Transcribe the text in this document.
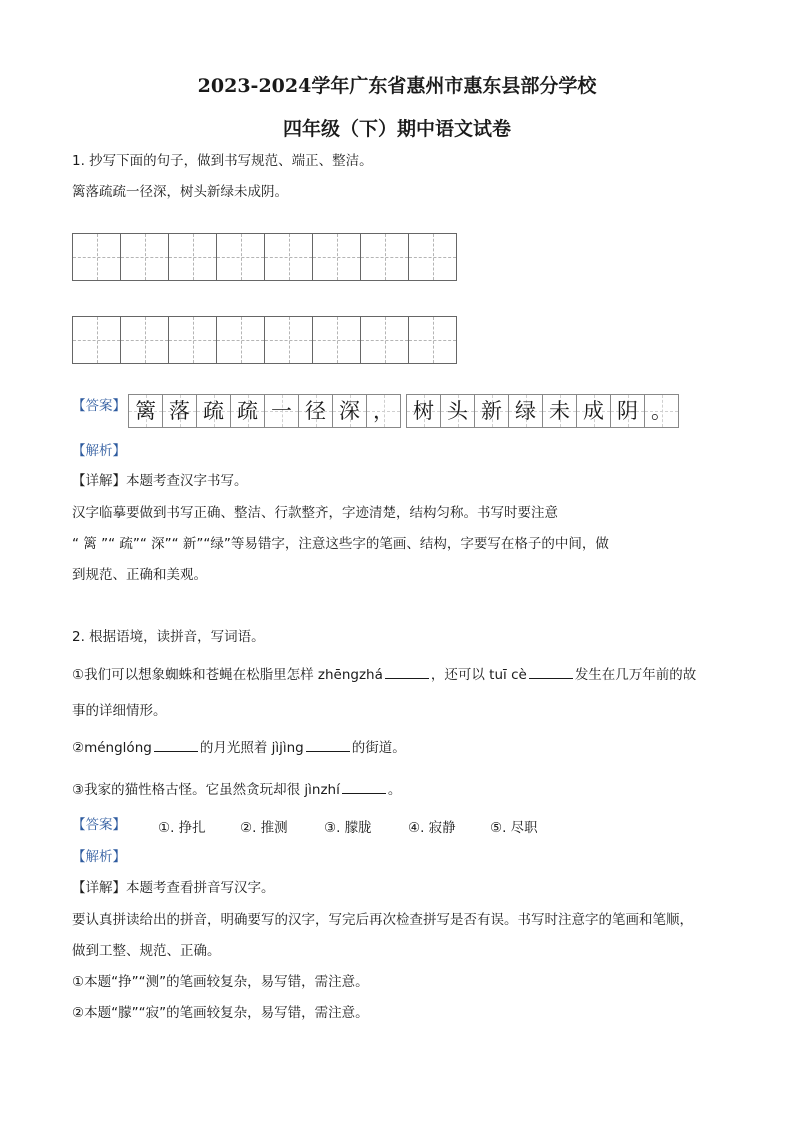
2023-2024学年广东省惠州市惠东县部分学校
四年级（下）期中语文试卷
1. 抄写下面的句子，做到书写规范、端正、整洁。
篱落疏疏一径深，树头新绿未成阴。
【答案】 篱 落 疏 疏 一 径 深 ， 树 头 新 绿 未 成 阴 。
【解析】
【详解】本题考查汉字书写。
汉字临摹要做到书写正确、整洁、行款整齐，字迹清楚，结构匀称。书写时要注意
“ 篱 ”“ 疏”“ 深”“ 新”“绿”等易错字，注意这些字的笔画、结构，字要写在格子的中间，做
到规范、正确和美观。
2. 根据语境，读拼音，写词语。
①我们可以想象蜘蛛和苍蝇在松脂里怎样 zhēngzhá	，还可以 tuī cè	发生在几万年前的故
事的详细情形。
②ménglóng	的月光照着 jìjìng	的街道。
③我家的猫性格古怪。它虽然贪玩却很 jìnzhí	。
【答案】 ①. 挣扎	②. 推测	③. 朦胧	④. 寂静	⑤. 尽职
【解析】
【详解】本题考查看拼音写汉字。
要认真拼读给出的拼音，明确要写的汉字，写完后再次检查拼写是否有误。书写时注意字的笔画和笔顺，
做到工整、规范、正确。
①本题“挣”“测”的笔画较复杂，易写错，需注意。
②本题“朦”“寂”的笔画较复杂，易写错，需注意。
